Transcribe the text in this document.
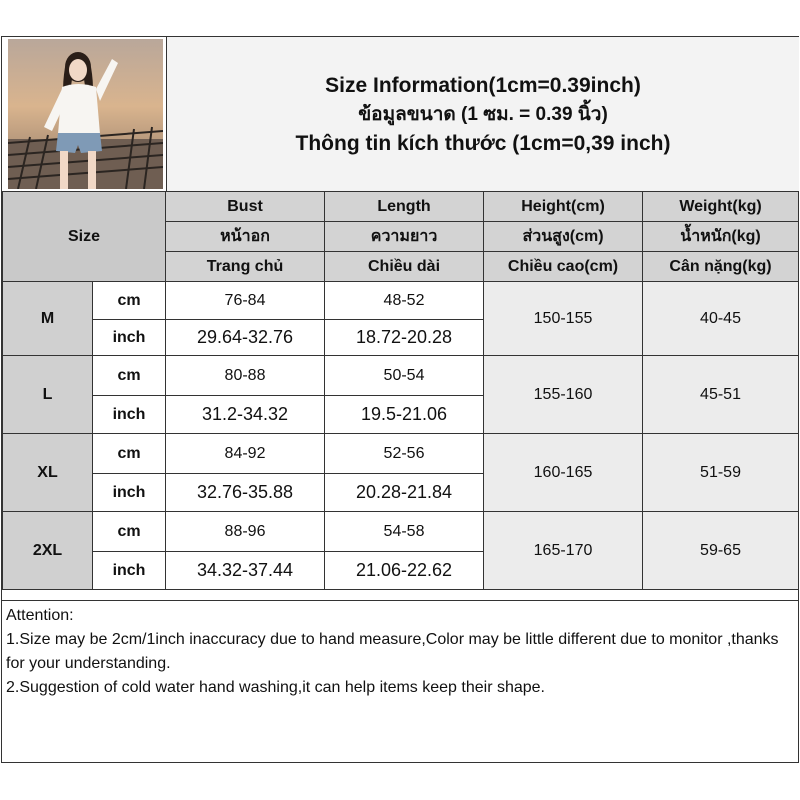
Size Information(1cm=0.39inch)
ข้อมูลขนาด (1 ซม. = 0.39 นิ้ว)
Thông tin kích thước (1cm=0,39 inch)
Size		Bust	Length	Height(cm)	Weight(kg)
		หน้าอก	ความยาว	ส่วนสูง(cm)	น้ำหนัก(kg)
		Trang chủ	Chiều dài	Chiều cao(cm)	Cân nặng(kg)
M	cm	76-84	48-52	150-155	40-45
	inch	29.64-32.76	18.72-20.28		
L	cm	80-88	50-54	155-160	45-51
	inch	31.2-34.32	19.5-21.06		
XL	cm	84-92	52-56	160-165	51-59
	inch	32.76-35.88	20.28-21.84		
2XL	cm	88-96	54-58	165-170	59-65
	inch	34.32-37.44	21.06-22.62		
Attention:
1.Size may be 2cm/1inch inaccuracy due to hand measure,Color may be little different due to monitor ,thanks for your understanding.
2.Suggestion of cold water hand washing,it can help items keep their shape.
